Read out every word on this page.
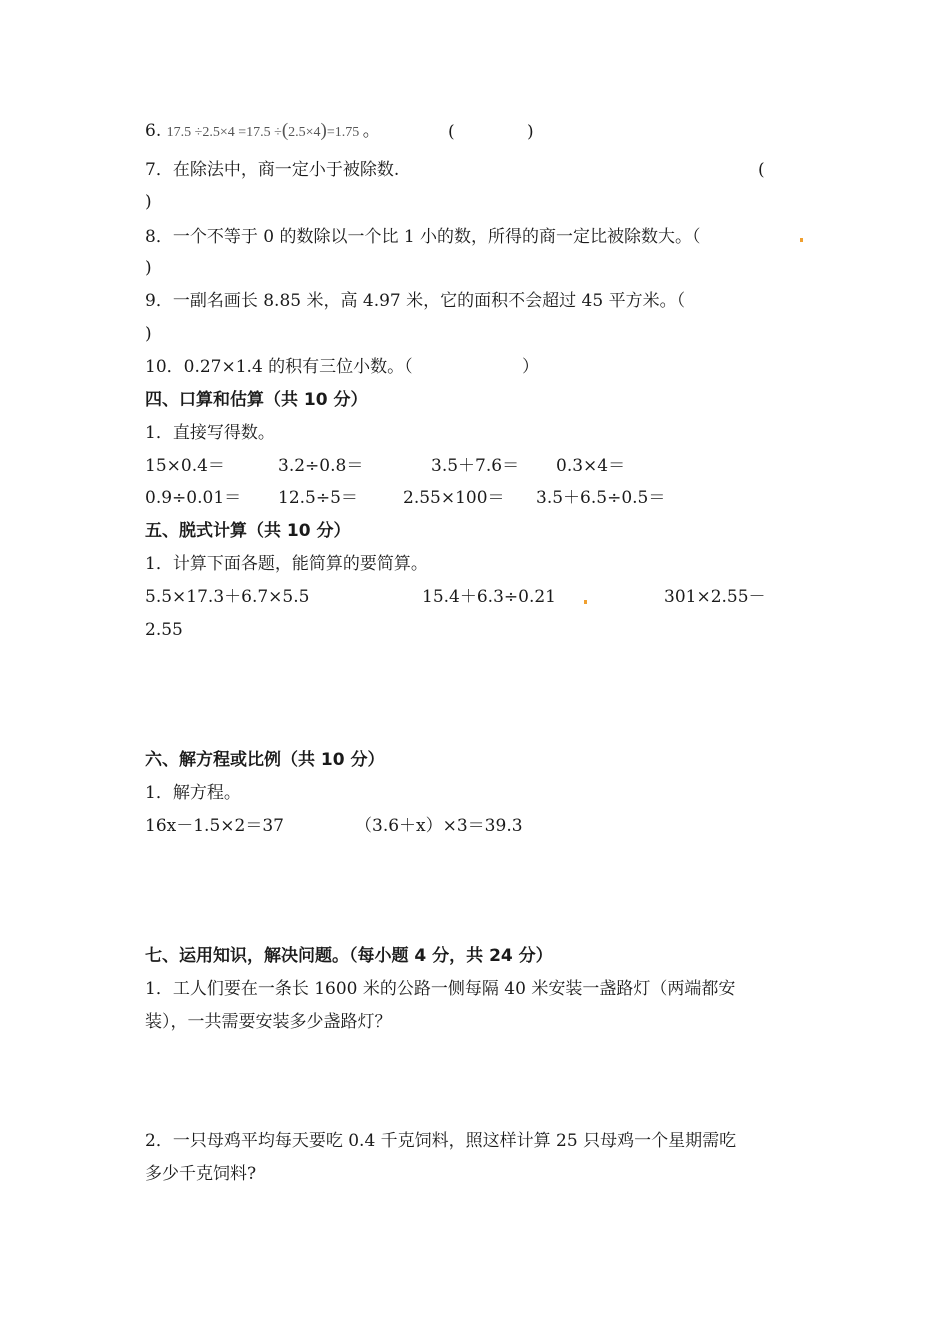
6. 17.5 ÷2.5×4 =17.5 ÷(2.5×4)=1.75 。	(	)
7．在除法中，商一定小于被除数.	(
)
8．一个不等于 0 的数除以一个比 1 小的数，所得的商一定比被除数大。（
)
9．一副名画长 8.85 米，高 4.97 米，它的面积不会超过 45 平方米。（
)
10．0.27×1.4 的积有三位小数。（	）
四、口算和估算（共 10 分）
1．直接写得数。
15×0.4＝	3.2÷0.8＝	3.5＋7.6＝ 0.3×4＝
0.9÷0.01＝ 12.5÷5＝	2.55×100＝ 3.5＋6.5÷0.5＝
五、脱式计算（共 10 分）
1．计算下面各题，能简算的要简算。
5.5×17.3＋6.7×5.5	15.4＋6.3÷0.21	301×2.55－
2.55
六、解方程或比例（共 10 分）
1．解方程。
16x－1.5×2＝37	（3.6＋x）×3＝39.3
七、运用知识，解决问题。（每小题 4 分，共 24 分）
1．工人们要在一条长 1600 米的公路一侧每隔 40 米安装一盏路灯（两端都安
装），一共需要安装多少盏路灯？
2．一只母鸡平均每天要吃 0.4 千克饲料，照这样计算 25 只母鸡一个星期需吃
多少千克饲料?
